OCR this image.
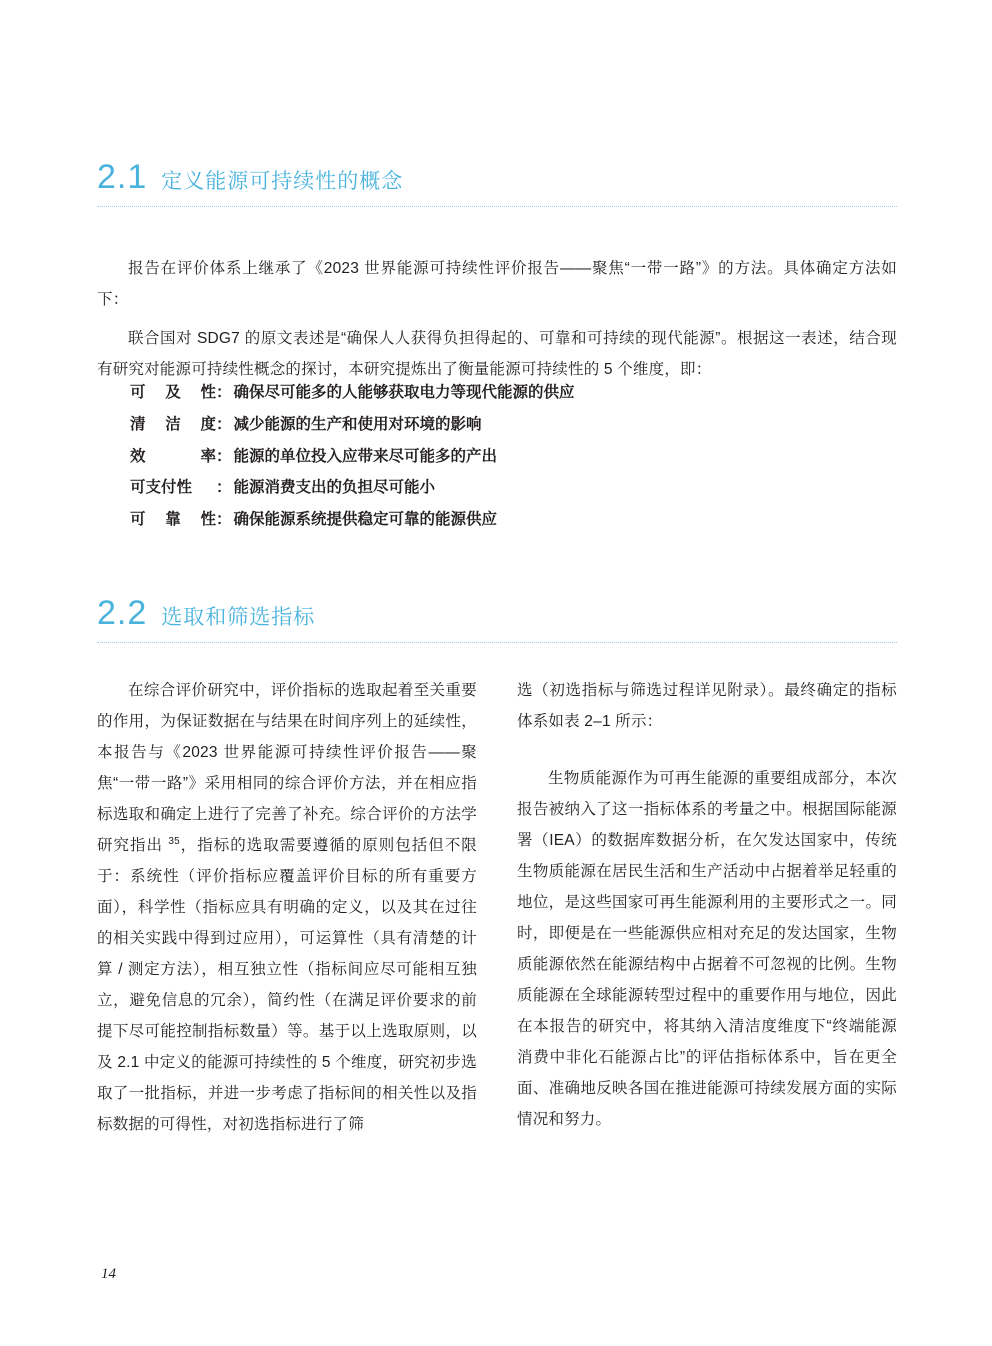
2.1 定义能源可持续性的概念

报告在评价体系上继承了《2023 世界能源可持续性评价报告——聚焦“一带一路”》的方法。具体确定方法如下：

联合国对 SDG7 的原文表述是“确保人人获得负担得起的、可靠和可持续的现代能源”。根据这一表述，结合现有研究对能源可持续性概念的探讨，本研究提炼出了衡量能源可持续性的 5 个维度，即：

可 及 性 ： 确保尽可能多的人能够获取电力等现代能源的供应
清 洁 度 ： 减少能源的生产和使用对环境的影响
效	率 ： 能源的单位投入应带来尽可能多的产出
可支付性 ： 能源消费支出的负担尽可能小
可 靠 性 ： 确保能源系统提供稳定可靠的能源供应
2.2 选取和筛选指标

在综合评价研究中，评价指标的选取起着至关重要的作用，为保证数据在与结果在时间序列上的延续性，本报告与《2023 世界能源可持续性评价报告——聚焦“一带一路”》采用相同的综合评价方法，并在相应指标选取和确定上进行了完善了补充。综合评价的方法学研究指出 $^{35}$，指标的选取需要遵循的原则包括但不限于：系统性（评价指标应覆盖评价目标的所有重要方面），科学性（指标应具有明确的定义，以及其在过往的相关实践中得到过应用），可运算性（具有清楚的计算 / 测定方法），相互独立性（指标间应尽可能相互独立，避免信息的冗余），简约性（在满足评价要求的前提下尽可能控制指标数量）等。基于以上选取原则，以及 2.1 中定义的能源可持续性的 5 个维度，研究初步选取了一批指标，并进一步考虑了指标间的相关性以及指标数据的可得性，对初选指标进行了筛

选（初选指标与筛选过程详见附录）。最终确定的指标体系如表 2–1 所示：

生物质能源作为可再生能源的重要组成部分，本次报告被纳入了这一指标体系的考量之中。根据国际能源署（IEA）的数据库数据分析，在欠发达国家中，传统生物质能源在居民生活和生产活动中占据着举足轻重的地位，是这些国家可再生能源利用的主要形式之一。同时，即便是在一些能源供应相对充足的发达国家，生物质能源依然在能源结构中占据着不可忽视的比例。生物质能源在全球能源转型过程中的重要作用与地位，因此在本报告的研究中，将其纳入清洁度维度下“终端能源消费中非化石能源占比”的评估指标体系中，旨在更全面、准确地反映各国在推进能源可持续发展方面的实际情况和努力。

14
